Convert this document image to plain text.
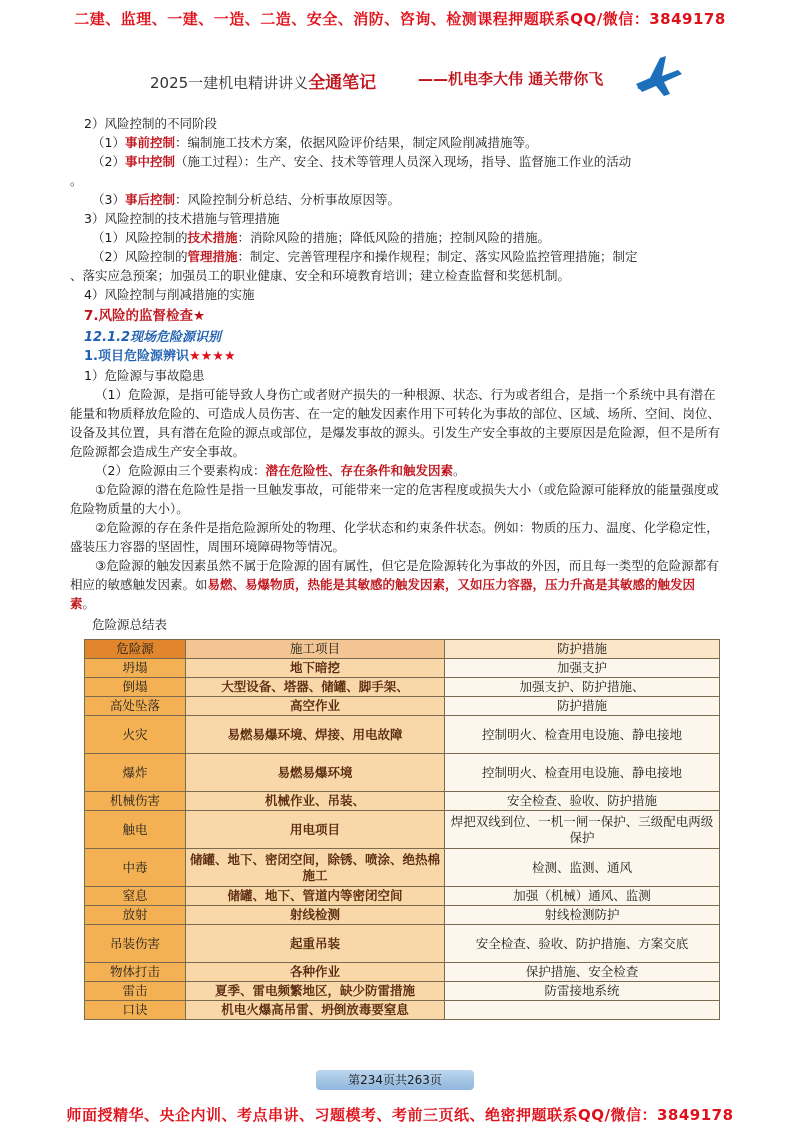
二建、监理、一建、一造、二造、安全、消防、咨询、检测课程押题联系QQ/微信：3849178
2025一建机电精讲讲义全通笔记	——机电李大伟 通关带你飞

2）风险控制的不同阶段

（1）事前控制：编制施工技术方案，依据风险评价结果，制定风险削减措施等。

（2）事中控制（施工过程）：生产、安全、技术等管理人员深入现场，指导、监督施工作业的活动

。

（3）事后控制：风险控制分析总结、分析事故原因等。

3）风险控制的技术措施与管理措施

（1）风险控制的技术措施：消除风险的措施；降低风险的措施；控制风险的措施。

（2）风险控制的管理措施：制定、完善管理程序和操作规程；制定、落实风险监控管理措施；制定

、落实应急预案；加强员工的职业健康、安全和环境教育培训；建立检查监督和奖惩机制。

4）风险控制与削减措施的实施

7.风险的监督检查★

12.1.2现场危险源识别

1.项目危险源辨识★★★★

1）危险源与事故隐患

（1）危险源，是指可能导致人身伤亡或者财产损失的一种根源、状态、行为或者组合，是指一个系统中具有潜在能量和物质释放危险的、可造成人员伤害、在一定的触发因素作用下可转化为事故的部位、区域、场所、空间、岗位、设备及其位置，具有潜在危险的源点或部位，是爆发事故的源头。引发生产安全事故的主要原因是危险源，但不是所有危险源都会造成生产安全事故。

（2）危险源由三个要素构成：潜在危险性、存在条件和触发因素。

①危险源的潜在危险性是指一旦触发事故，可能带来一定的危害程度或损失大小（或危险源可能释放的能量强度或危险物质量的大小）。

②危险源的存在条件是指危险源所处的物理、化学状态和约束条件状态。例如：物质的压力、温度、化学稳定性，盛装压力容器的坚固性，周围环境障碍物等情况。

③危险源的触发因素虽然不属于危险源的固有属性，但它是危险源转化为事故的外因，而且每一类型的危险源都有相应的敏感触发因素。如易燃、易爆物质，热能是其敏感的触发因素，又如压力容器，压力升高是其敏感的触发因素。

危险源总结表

危险源	施工项目	防护措施
坍塌	地下暗挖	加强支护
倒塌	大型设备、塔器、储罐、脚手架、	加强支护、防护措施、
高处坠落	高空作业	防护措施
火灾	易燃易爆环境、焊接、用电故障	控制明火、检查用电设施、静电接地
爆炸	易燃易爆环境	控制明火、检查用电设施、静电接地
机械伤害	机械作业、吊装、	安全检查、验收、防护措施
触电	用电项目	焊把双线到位、一机一闸一保护、三级配电两级保护
中毒	储罐、地下、密闭空间，除锈、喷涂、绝热棉施工	检测、监测、通风
窒息	储罐、地下、管道内等密闭空间	加强（机械）通风、监测
放射	射线检测	射线检测防护
吊装伤害	起重吊装	安全检查、验收、防护措施、方案交底
物体打击	各种作业	保护措施、安全检查
雷击	夏季、雷电频繁地区，缺少防雷措施	防雷接地系统
口诀	机电火爆高吊雷、坍倒放毒要窒息	
第234页共263页
师面授精华、央企内训、考点串讲、习题模考、考前三页纸、绝密押题联系QQ/微信：3849178
